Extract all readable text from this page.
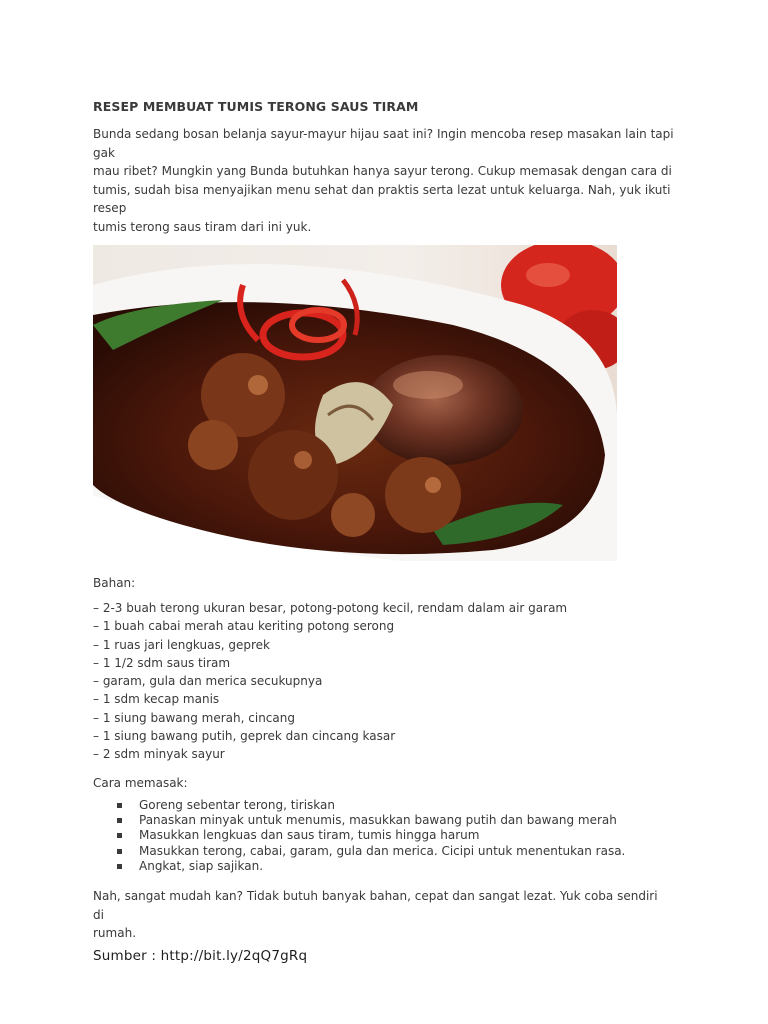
RESEP MEMBUAT TUMIS TERONG SAUS TIRAM

Bunda sedang bosan belanja sayur-mayur hijau saat ini? Ingin mencoba resep masakan lain tapi gak

mau ribet? Mungkin yang Bunda butuhkan hanya sayur terong. Cukup memasak dengan cara di

tumis, sudah bisa menyajikan menu sehat dan praktis serta lezat untuk keluarga. Nah, yuk ikuti resep

tumis terong saus tiram dari ini yuk.

Bahan:

– 2-3 buah terong ukuran besar, potong-potong kecil, rendam dalam air garam
– 1 buah cabai merah atau keriting potong serong
– 1 ruas jari lengkuas, geprek
– 1 1/2 sdm saus tiram
– garam, gula dan merica secukupnya
– 1 sdm kecap manis
– 1 siung bawang merah, cincang
– 1 siung bawang putih, geprek dan cincang kasar
– 2 sdm minyak sayur

Cara memasak:

Goreng sebentar terong, tiriskan
Panaskan minyak untuk menumis, masukkan bawang putih dan bawang merah
Masukkan lengkuas dan saus tiram, tumis hingga harum
Masukkan terong, cabai, garam, gula dan merica. Cicipi untuk menentukan rasa.
Angkat, siap sajikan.

Nah, sangat mudah kan? Tidak butuh banyak bahan, cepat dan sangat lezat. Yuk coba sendiri di

rumah.

Sumber : http://bit.ly/2qQ7gRq
